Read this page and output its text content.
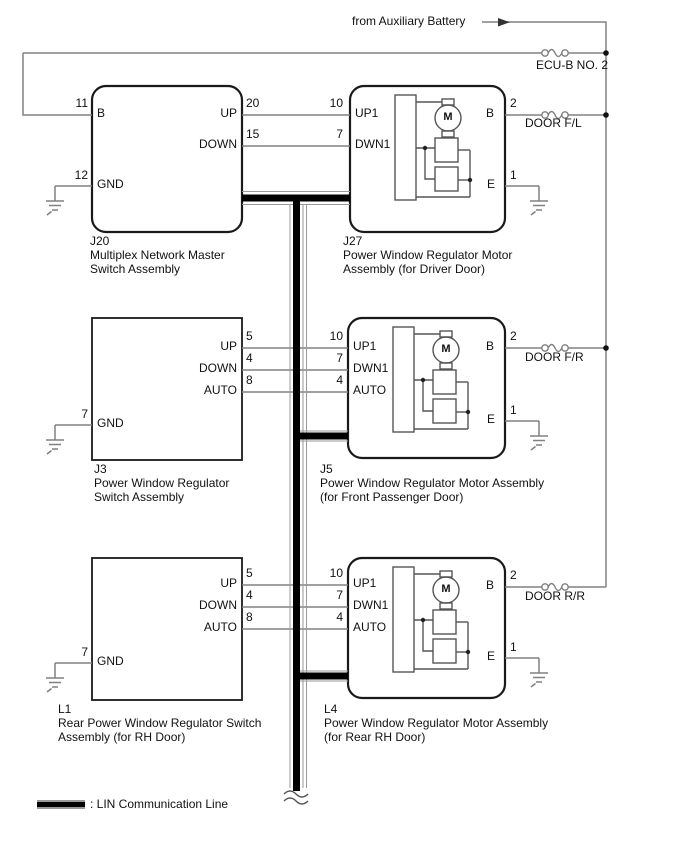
from Auxiliary Battery
ECU-B NO. 2
DOOR F/L
DOOR F/R
DOOR R/R
11
B
20
UP
15
DOWN
12
GND
J20
Multiplex Network Master
Switch Assembly
10
UP1
7
DWN1
2
B
1
E
M
J27
Power Window Regulator Motor
Assembly (for Driver Door)
5
UP
4
DOWN
8
AUTO
7
GND
J3
Power Window Regulator
Switch Assembly
10
UP1
7
DWN1
4
AUTO
2
B
1
E
M
J5
Power Window Regulator Motor Assembly
(for Front Passenger Door)
5
UP
4
DOWN
8
AUTO
7
GND
L1
Rear Power Window Regulator Switch
Assembly (for RH Door)
10
UP1
7
DWN1
4
AUTO
2
B
1
E
M
L4
Power Window Regulator Motor Assembly
(for Rear RH Door)
: LIN Communication Line
